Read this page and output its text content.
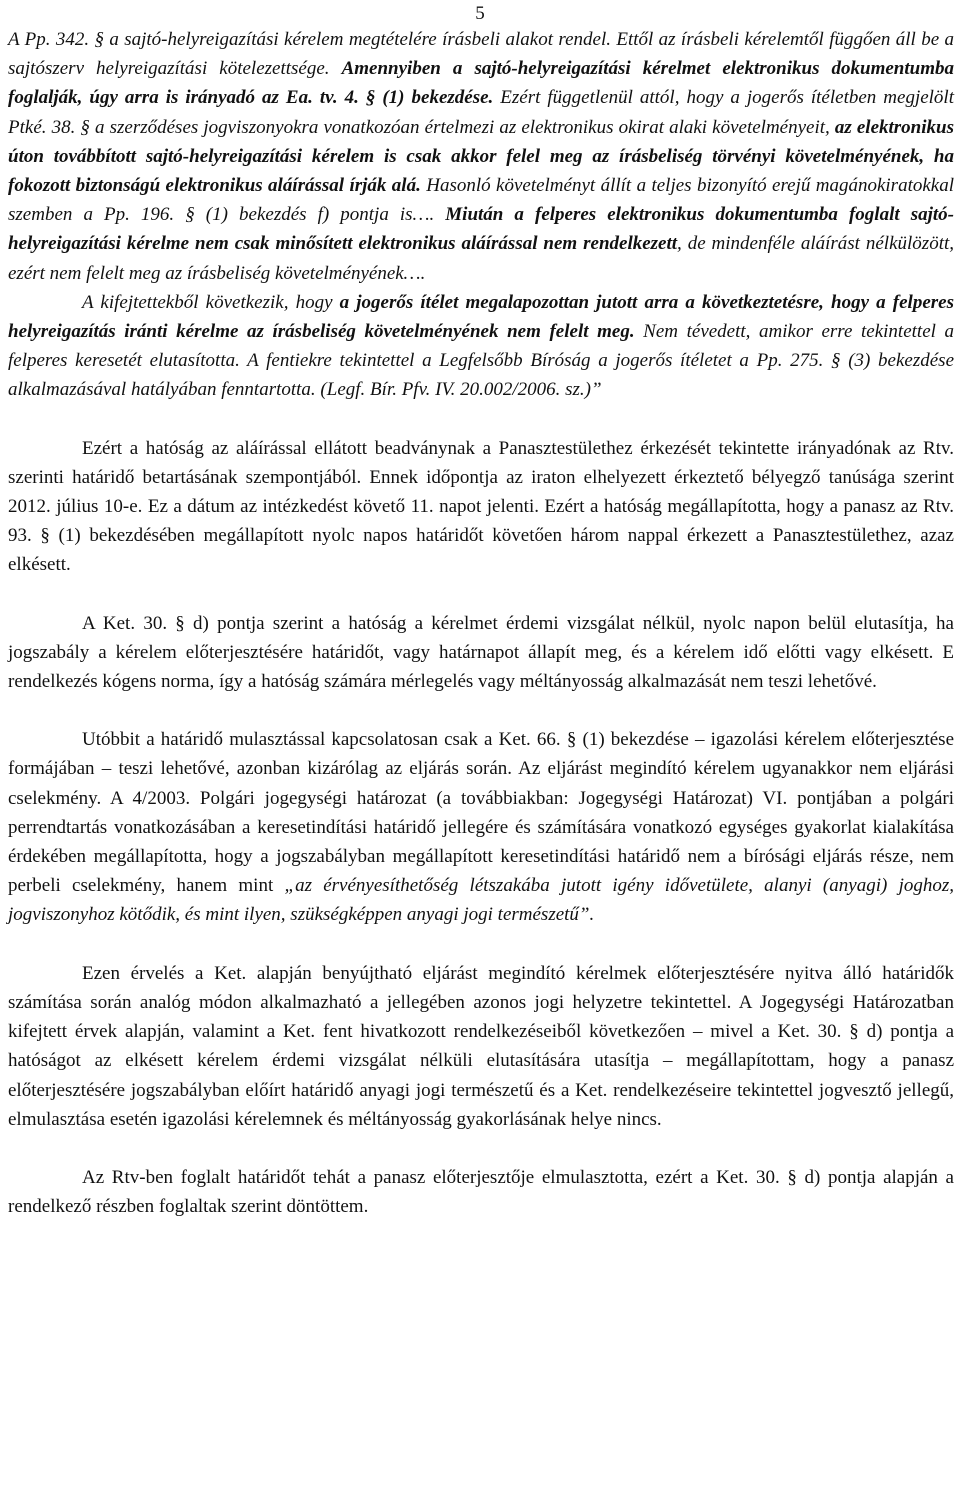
5

A Pp. 342. § a sajtó-helyreigazítási kérelem megtételére írásbeli alakot rendel. Ettől az írásbeli kérelemtől függően áll be a sajtószerv helyreigazítási kötelezettsége. Amennyiben a sajtó-helyreigazítási kérelmet elektronikus dokumentumba foglalják, úgy arra is irányadó az Ea. tv. 4. § (1) bekezdése. Ezért függetlenül attól, hogy a jogerős ítéletben megjelölt Ptké. 38. § a szerződéses jogviszonyokra vonatkozóan értelmezi az elektronikus okirat alaki követelményeit, az elektronikus úton továbbított sajtó-helyreigazítási kérelem is csak akkor felel meg az írásbeliség törvényi követelményének, ha fokozott biztonságú elektronikus aláírással írják alá. Hasonló követelményt állít a teljes bizonyító erejű magánokiratokkal szemben a Pp. 196. § (1) bekezdés f) pontja is…. Miután a felperes elektronikus dokumentumba foglalt sajtó-helyreigazítási kérelme nem csak minősített elektronikus aláírással nem rendelkezett, de mindenféle aláírást nélkülözött, ezért nem felelt meg az írásbeliség követelményének….

A kifejtettekből következik, hogy a jogerős ítélet megalapozottan jutott arra a következtetésre, hogy a felperes helyreigazítás iránti kérelme az írásbeliség követelményének nem felelt meg. Nem tévedett, amikor erre tekintettel a felperes keresetét elutasította. A fentiekre tekintettel a Legfelsőbb Bíróság a jogerős ítéletet a Pp. 275. § (3) bekezdése alkalmazásával hatályában fenntartotta. (Legf. Bír. Pfv. IV. 20.002/2006. sz.)”

Ezért a hatóság az aláírással ellátott beadványnak a Panasztestülethez érkezését tekintette irányadónak az Rtv. szerinti határidő betartásának szempontjából. Ennek időpontja az iraton elhelyezett érkeztető bélyegző tanúsága szerint 2012. július 10-e. Ez a dátum az intézkedést követő 11. napot jelenti. Ezért a hatóság megállapította, hogy a panasz az Rtv. 93. § (1) bekezdésében megállapított nyolc napos határidőt követően három nappal érkezett a Panasztestülethez, azaz elkésett.

A Ket. 30. § d) pontja szerint a hatóság a kérelmet érdemi vizsgálat nélkül, nyolc napon belül elutasítja, ha jogszabály a kérelem előterjesztésére határidőt, vagy határnapot állapít meg, és a kérelem idő előtti vagy elkésett. E rendelkezés kógens norma, így a hatóság számára mérlegelés vagy méltányosság alkalmazását nem teszi lehetővé.

Utóbbit a határidő mulasztással kapcsolatosan csak a Ket. 66. § (1) bekezdése – igazolási kérelem előterjesztése formájában – teszi lehetővé, azonban kizárólag az eljárás során. Az eljárást megindító kérelem ugyanakkor nem eljárási cselekmény. A 4/2003. Polgári jogegységi határozat (a továbbiakban: Jogegységi Határozat) VI. pontjában a polgári perrendtartás vonatkozásában a keresetindítási határidő jellegére és számítására vonatkozó egységes gyakorlat kialakítása érdekében megállapította, hogy a jogszabályban megállapított keresetindítási határidő nem a bírósági eljárás része, nem perbeli cselekmény, hanem mint „az érvényesíthetőség létszakába jutott igény idővetülete, alanyi (anyagi) joghoz, jogviszonyhoz kötődik, és mint ilyen, szükségképpen anyagi jogi természetű”.

Ezen érvelés a Ket. alapján benyújtható eljárást megindító kérelmek előterjesztésére nyitva álló határidők számítása során analóg módon alkalmazható a jellegében azonos jogi helyzetre tekintettel. A Jogegységi Határozatban kifejtett érvek alapján, valamint a Ket. fent hivatkozott rendelkezéseiből következően – mivel a Ket. 30. § d) pontja a hatóságot az elkésett kérelem érdemi vizsgálat nélküli elutasítására utasítja – megállapítottam, hogy a panasz előterjesztésére jogszabályban előírt határidő anyagi jogi természetű és a Ket. rendelkezéseire tekintettel jogvesztő jellegű, elmulasztása esetén igazolási kérelemnek és méltányosság gyakorlásának helye nincs.

Az Rtv-ben foglalt határidőt tehát a panasz előterjesztője elmulasztotta, ezért a Ket. 30. § d) pontja alapján a rendelkező részben foglaltak szerint döntöttem.
